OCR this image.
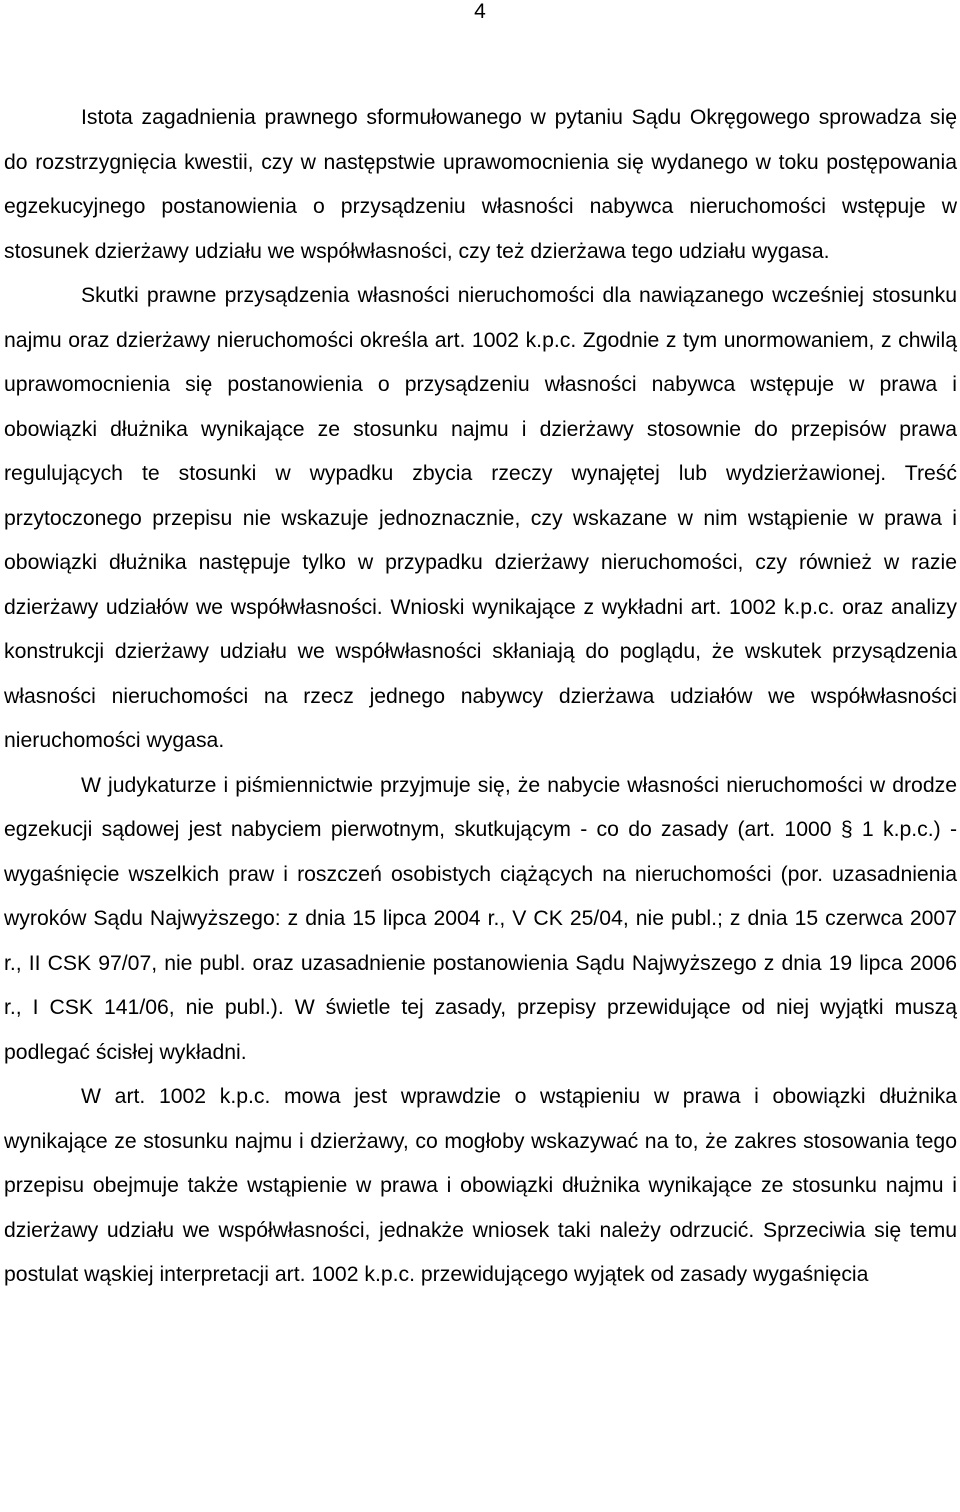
4

Istota zagadnienia prawnego sformułowanego w pytaniu Sądu Okręgowego sprowadza się do rozstrzygnięcia kwestii, czy w następstwie uprawomocnienia się wydanego w toku postępowania egzekucyjnego postanowienia o przysądzeniu własności nabywca nieruchomości wstępuje w stosunek dzierżawy udziału we współwłasności, czy też dzierżawa tego udziału wygasa.

Skutki prawne przysądzenia własności nieruchomości dla nawiązanego wcześniej stosunku najmu oraz dzierżawy nieruchomości określa art. 1002 k.p.c. Zgodnie z tym unormowaniem, z chwilą uprawomocnienia się postanowienia o przysądzeniu własności nabywca wstępuje w prawa i obowiązki dłużnika wynikające ze stosunku najmu i dzierżawy stosownie do przepisów prawa regulujących te stosunki w wypadku zbycia rzeczy wynajętej lub wydzierżawionej. Treść przytoczonego przepisu nie wskazuje jednoznacznie, czy wskazane w nim wstąpienie w prawa i obowiązki dłużnika następuje tylko w przypadku dzierżawy nieruchomości, czy również w razie dzierżawy udziałów we współwłasności. Wnioski wynikające z wykładni art. 1002 k.p.c. oraz analizy konstrukcji dzierżawy udziału we współwłasności skłaniają do poglądu, że wskutek przysądzenia własności nieruchomości na rzecz jednego nabywcy dzierżawa udziałów we współwłasności nieruchomości wygasa.

W judykaturze i piśmiennictwie przyjmuje się, że nabycie własności nieruchomości w drodze egzekucji sądowej jest nabyciem pierwotnym, skutkującym - co do zasady (art. 1000 § 1 k.p.c.) - wygaśnięcie wszelkich praw i roszczeń osobistych ciążących na nieruchomości (por. uzasadnienia wyroków Sądu Najwyższego: z dnia 15 lipca 2004 r., V CK 25/04, nie publ.; z dnia 15 czerwca 2007 r., II CSK 97/07, nie publ. oraz uzasadnienie postanowienia Sądu Najwyższego z dnia 19 lipca 2006 r., I CSK 141/06, nie publ.). W świetle tej zasady, przepisy przewidujące od niej wyjątki muszą podlegać ścisłej wykładni.

W art. 1002 k.p.c. mowa jest wprawdzie o wstąpieniu w prawa i obowiązki dłużnika wynikające ze stosunku najmu i dzierżawy, co mogłoby wskazywać na to, że zakres stosowania tego przepisu obejmuje także wstąpienie w prawa i obowiązki dłużnika wynikające ze stosunku najmu i dzierżawy udziału we współwłasności, jednakże wniosek taki należy odrzucić. Sprzeciwia się temu postulat wąskiej interpretacji art. 1002 k.p.c. przewidującego wyjątek od zasady wygaśnięcia
